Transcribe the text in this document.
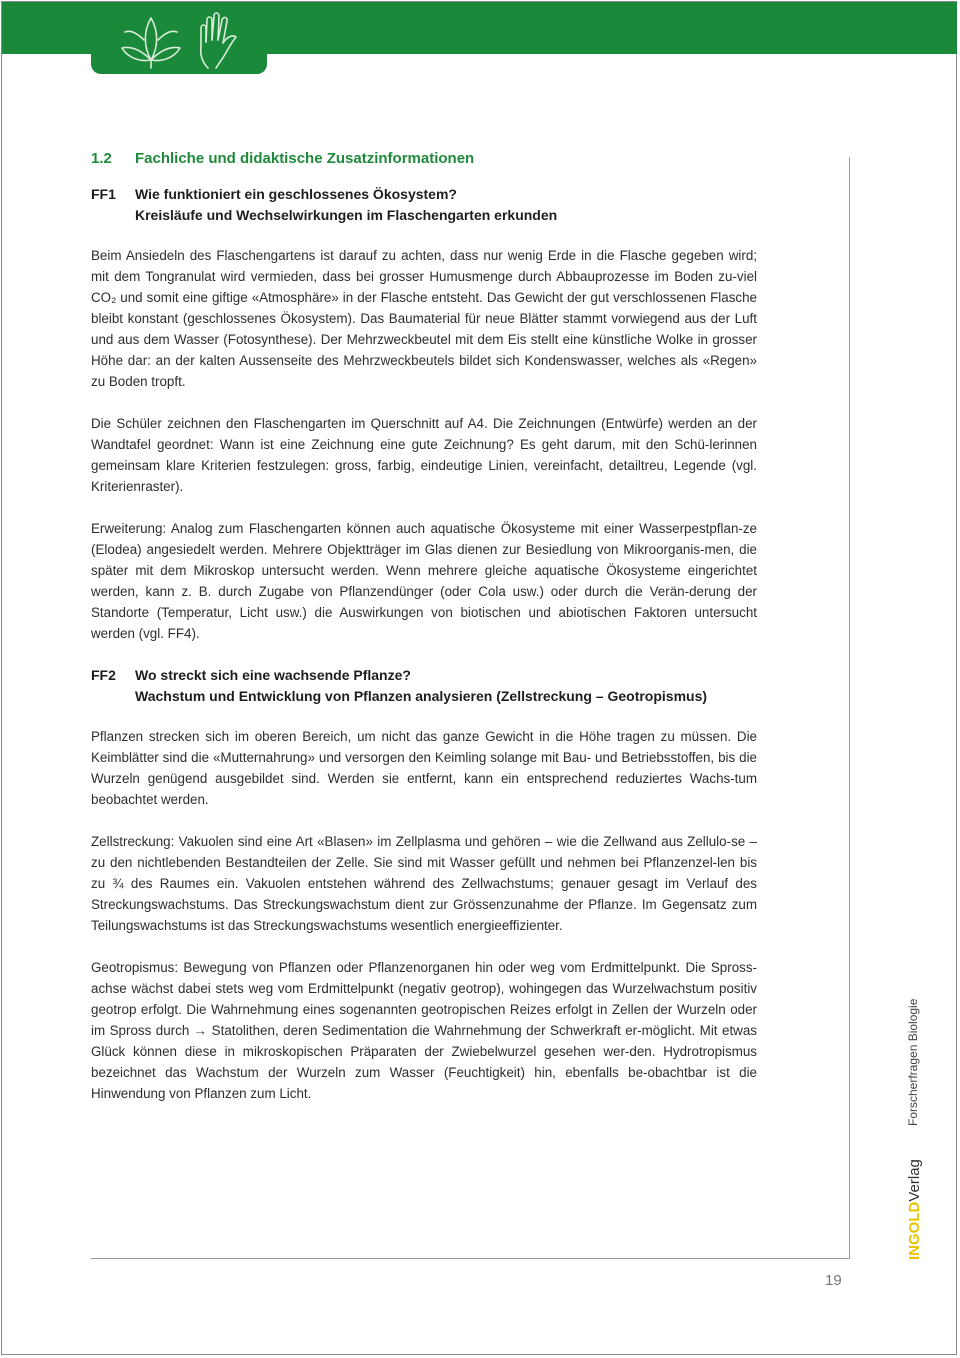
1.2	Fachliche und didaktische Zusatzinformationen
FF1	Wie funktioniert ein geschlossenes Ökosystem?
Kreisläufe und Wechselwirkungen im Flaschengarten erkunden

Beim Ansiedeln des Flaschengartens ist darauf zu achten, dass nur wenig Erde in die Flasche gegeben wird; mit dem Tongranulat wird vermieden, dass bei grosser Humusmenge durch Abbauprozesse im Boden zu-viel CO₂ und somit eine giftige «Atmosphäre» in der Flasche entsteht. Das Gewicht der gut verschlossenen Flasche bleibt konstant (geschlossenes Ökosystem). Das Baumaterial für neue Blätter stammt vorwiegend aus der Luft und aus dem Wasser (Fotosynthese). Der Mehrzweckbeutel mit dem Eis stellt eine künstliche Wolke in grosser Höhe dar: an der kalten Aussenseite des Mehrzweckbeutels bildet sich Kondenswasser, welches als «Regen» zu Boden tropft.

Die Schüler zeichnen den Flaschengarten im Querschnitt auf A4. Die Zeichnungen (Entwürfe) werden an der Wandtafel geordnet: Wann ist eine Zeichnung eine gute Zeichnung? Es geht darum, mit den Schü-lerinnen gemeinsam klare Kriterien festzulegen: gross, farbig, eindeutige Linien, vereinfacht, detailtreu, Legende (vgl. Kriterienraster).

Erweiterung: Analog zum Flaschengarten können auch aquatische Ökosysteme mit einer Wasserpestpflan-ze (Elodea) angesiedelt werden. Mehrere Objektträger im Glas dienen zur Besiedlung von Mikroorganis-men, die später mit dem Mikroskop untersucht werden. Wenn mehrere gleiche aquatische Ökosysteme eingerichtet werden, kann z. B. durch Zugabe von Pflanzendünger (oder Cola usw.) oder durch die Verän-derung der Standorte (Temperatur, Licht usw.) die Auswirkungen von biotischen und abiotischen Faktoren untersucht werden (vgl. FF4).

FF2	Wo streckt sich eine wachsende Pflanze?
Wachstum und Entwicklung von Pflanzen analysieren (Zellstreckung – Geotropismus)

Pflanzen strecken sich im oberen Bereich, um nicht das ganze Gewicht in die Höhe tragen zu müssen. Die Keimblätter sind die «Mutternahrung» und versorgen den Keimling solange mit Bau- und Betriebsstoffen, bis die Wurzeln genügend ausgebildet sind. Werden sie entfernt, kann ein entsprechend reduziertes Wachs-tum beobachtet werden.

Zellstreckung: Vakuolen sind eine Art «Blasen» im Zellplasma und gehören – wie die Zellwand aus Zellulo-se – zu den nichtlebenden Bestandteilen der Zelle. Sie sind mit Wasser gefüllt und nehmen bei Pflanzenzel-len bis zu ¾ des Raumes ein. Vakuolen entstehen während des Zellwachstums; genauer gesagt im Verlauf des Streckungswachstums. Das Streckungswachstum dient zur Grössenzunahme der Pflanze. Im Gegensatz zum Teilungswachstums ist das Streckungswachstums wesentlich energieeffizienter.

Geotropismus: Bewegung von Pflanzen oder Pflanzenorganen hin oder weg vom Erdmittelpunkt. Die Spross-achse wächst dabei stets weg vom Erdmittelpunkt (negativ geotrop), wohingegen das Wurzelwachstum positiv geotrop erfolgt. Die Wahrnehmung eines sogenannten geotropischen Reizes erfolgt in Zellen der Wurzeln oder im Spross durch → Statolithen, deren Sedimentation die Wahrnehmung der Schwerkraft er-möglicht. Mit etwas Glück können diese in mikroskopischen Präparaten der Zwiebelwurzel gesehen wer-den. Hydrotropismus bezeichnet das Wachstum der Wurzeln zum Wasser (Feuchtigkeit) hin, ebenfalls be-obachtbar ist die Hinwendung von Pflanzen zum Licht.	Forscherfragen Biologie
INGOLDVerlag
19
